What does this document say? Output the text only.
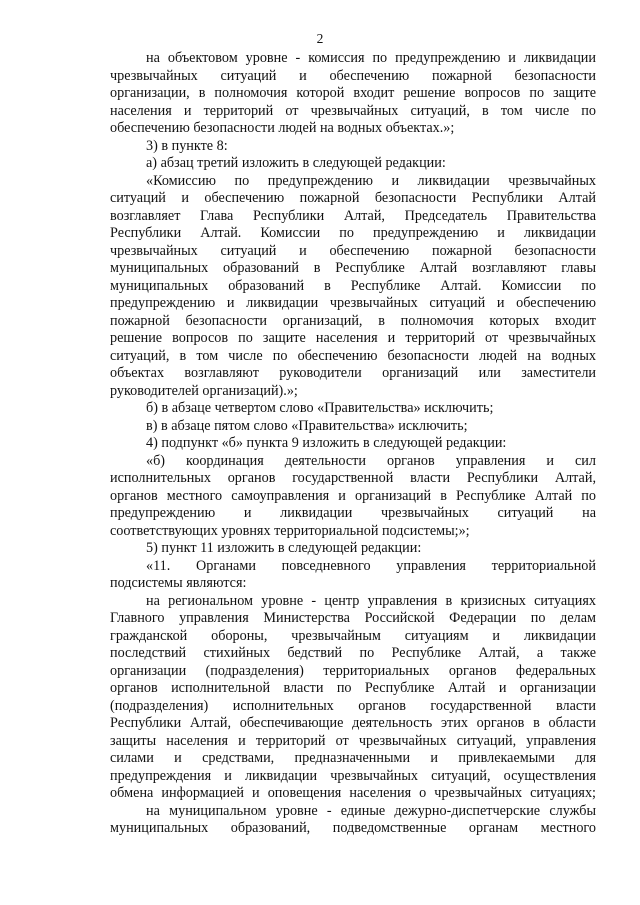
2
на объектовом уровне - комиссия по предупреждению и ликвидации
чрезвычайных ситуаций и обеспечению пожарной безопасности
организации, в полномочия которой входит решение вопросов по защите
населения и территорий от чрезвычайных ситуаций, в том числе по
обеспечению безопасности людей на водных объектах.»;
3) в пункте 8:
а) абзац третий изложить в следующей редакции:
«Комиссию по предупреждению и ликвидации чрезвычайных
ситуаций и обеспечению пожарной безопасности Республики Алтай
возглавляет Глава Республики Алтай, Председатель Правительства
Республики Алтай. Комиссии по предупреждению и ликвидации
чрезвычайных ситуаций и обеспечению пожарной безопасности
муниципальных образований в Республике Алтай возглавляют главы
муниципальных образований в Республике Алтай. Комиссии по
предупреждению и ликвидации чрезвычайных ситуаций и обеспечению
пожарной безопасности организаций, в полномочия которых входит
решение вопросов по защите населения и территорий от чрезвычайных
ситуаций, в том числе по обеспечению безопасности людей на водных
объектах возглавляют руководители организаций или заместители
руководителей организаций).»;
б) в абзаце четвертом слово «Правительства» исключить;
в) в абзаце пятом слово «Правительства» исключить;
4) подпункт «б» пункта 9 изложить в следующей редакции:
«б) координация деятельности органов управления и сил
исполнительных органов государственной власти Республики Алтай,
органов местного самоуправления и организаций в Республике Алтай по
предупреждению и ликвидации чрезвычайных ситуаций на
соответствующих уровнях территориальной подсистемы;»;
5) пункт 11 изложить в следующей редакции:
«11. Органами повседневного управления территориальной
подсистемы являются:
на региональном уровне - центр управления в кризисных ситуациях
Главного управления Министерства Российской Федерации по делам
гражданской обороны, чрезвычайным ситуациям и ликвидации
последствий стихийных бедствий по Республике Алтай, а также
организации (подразделения) территориальных органов федеральных
органов исполнительной власти по Республике Алтай и организации
(подразделения) исполнительных органов государственной власти
Республики Алтай, обеспечивающие деятельность этих органов в области
защиты населения и территорий от чрезвычайных ситуаций, управления
силами и средствами, предназначенными и привлекаемыми для
предупреждения и ликвидации чрезвычайных ситуаций, осуществления
обмена информацией и оповещения населения о чрезвычайных ситуациях;
на муниципальном уровне - единые дежурно-диспетчерские службы
муниципальных образований, подведомственные органам местного
